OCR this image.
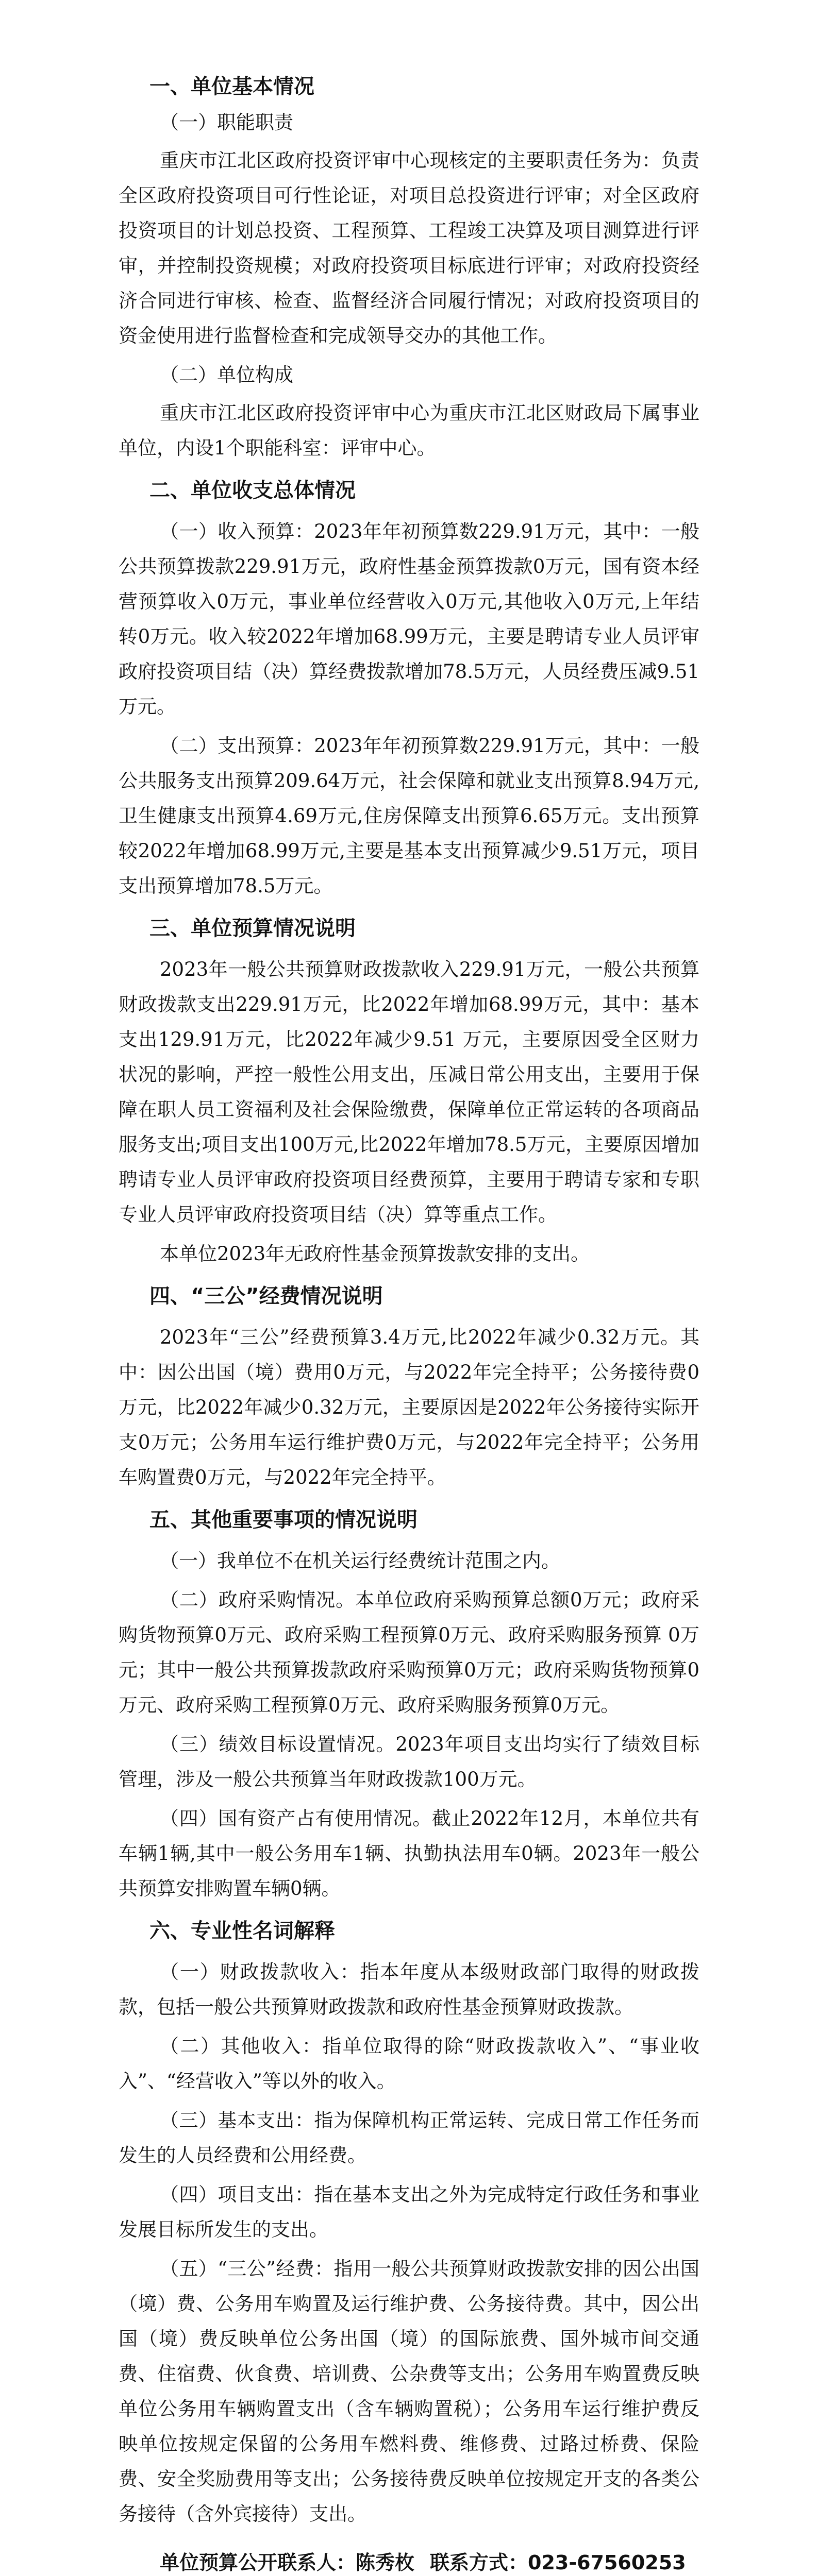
一、单位基本情况
（一）职能职责

重庆市江北区政府投资评审中心现核定的主要职责任务为：负责全区政府投资项目可行性论证，对项目总投资进行评审；对全区政府投资项目的计划总投资、工程预算、工程竣工决算及项目测算进行评审，并控制投资规模；对政府投资项目标底进行评审；对政府投资经济合同进行审核、检查、监督经济合同履行情况；对政府投资项目的资金使用进行监督检查和完成领导交办的其他工作。

（二）单位构成

重庆市江北区政府投资评审中心为重庆市江北区财政局下属事业单位，内设1个职能科室：评审中心。

二、单位收支总体情况

（一）收入预算：2023年年初预算数229.91万元，其中：一般公共预算拨款229.91万元，政府性基金预算拨款0万元，国有资本经营预算收入0万元，事业单位经营收入0万元,其他收入0万元,上年结转0万元。收入较2022年增加68.99万元，主要是聘请专业人员评审政府投资项目结（决）算经费拨款增加78.5万元，人员经费压减9.51万元。

（二）支出预算：2023年年初预算数229.91万元，其中：一般公共服务支出预算209.64万元，社会保障和就业支出预算8.94万元,卫生健康支出预算4.69万元,住房保障支出预算6.65万元。支出预算较2022年增加68.99万元,主要是基本支出预算减少9.51万元，项目支出预算增加78.5万元。

三、单位预算情况说明

2023年一般公共预算财政拨款收入229.91万元，一般公共预算财政拨款支出229.91万元，比2022年增加68.99万元，其中：基本支出129.91万元，比2022年减少9.51 万元，主要原因受全区财力状况的影响，严控一般性公用支出，压减日常公用支出，主要用于保障在职人员工资福利及社会保险缴费，保障单位正常运转的各项商品服务支出;项目支出100万元,比2022年增加78.5万元，主要原因增加聘请专业人员评审政府投资项目经费预算，主要用于聘请专家和专职专业人员评审政府投资项目结（决）算等重点工作。

本单位2023年无政府性基金预算拨款安排的支出。

四、“三公”经费情况说明

2023年“三公”经费预算3.4万元,比2022年减少0.32万元。其中：因公出国（境）费用0万元，与2022年完全持平；公务接待费0万元，比2022年减少0.32万元，主要原因是2022年公务接待实际开支0万元；公务用车运行维护费0万元，与2022年完全持平；公务用车购置费0万元，与2022年完全持平。

五、其他重要事项的情况说明

（一）我单位不在机关运行经费统计范围之内。

（二）政府采购情况。本单位政府采购预算总额0万元；政府采购货物预算0万元、政府采购工程预算0万元、政府采购服务预算 0万元；其中一般公共预算拨款政府采购预算0万元；政府采购货物预算0万元、政府采购工程预算0万元、政府采购服务预算0万元。

（三）绩效目标设置情况。2023年项目支出均实行了绩效目标管理，涉及一般公共预算当年财政拨款100万元。

（四）国有资产占有使用情况。截止2022年12月，本单位共有车辆1辆,其中一般公务用车1辆、执勤执法用车0辆。2023年一般公共预算安排购置车辆0辆。

六、专业性名词解释

（一）财政拨款收入：指本年度从本级财政部门取得的财政拨款，包括一般公共预算财政拨款和政府性基金预算财政拨款。

（二）其他收入：指单位取得的除“财政拨款收入”、“事业收入”、“经营收入”等以外的收入。

（三）基本支出：指为保障机构正常运转、完成日常工作任务而发生的人员经费和公用经费。

（四）项目支出：指在基本支出之外为完成特定行政任务和事业发展目标所发生的支出。

（五）“三公”经费：指用一般公共预算财政拨款安排的因公出国（境）费、公务用车购置及运行维护费、公务接待费。其中，因公出国（境）费反映单位公务出国（境）的国际旅费、国外城市间交通费、住宿费、伙食费、培训费、公杂费等支出；公务用车购置费反映单位公务用车辆购置支出（含车辆购置税）；公务用车运行维护费反映单位按规定保留的公务用车燃料费、维修费、过路过桥费、保险费、安全奖励费用等支出；公务接待费反映单位按规定开支的各类公务接待（含外宾接待）支出。

单位预算公开联系人：陈秀枚 联系方式：023-67560253
